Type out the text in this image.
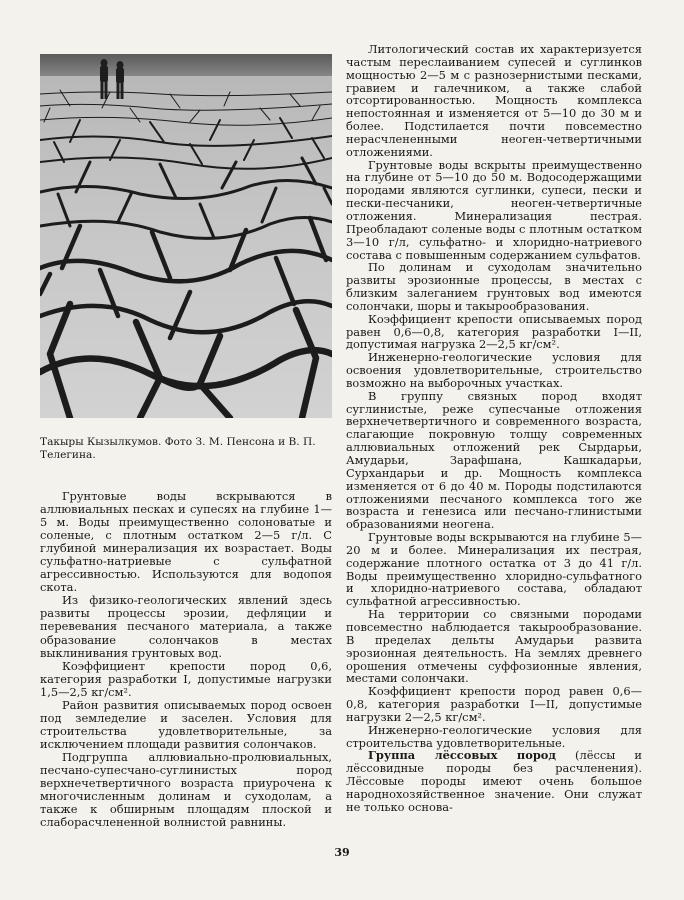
Такыры Кызылкумов. Фото З. М. Пенсона и В. П. Телегина.

Грунтовые воды вскрываются в аллювиальных песках и супесях на глубине 1—5 м. Воды преимущественно солоноватые и соленые, с плотным остатком 2—5 г/л. С глубиной минерализация их возрастает. Воды сульфатно-натриевые с сульфатной агрессивностью. Используются для водопоя скота.

Из физико-геологических явлений здесь развиты процессы эрозии, дефляции и перевевания песчаного материала, а также образование солончаков в местах выклинивания грунтовых вод.

Коэффициент крепости пород 0,6, категория разработки I, допустимые нагрузки 1,5—2,5 кг/см².

Район развития описываемых пород освоен под земледелие и заселен. Условия для строительства удовлетворительные, за исключением площади развития солончаков.

Подгруппа аллювиально-пролювиальных, песчано-супесчано-суглинистых пород верхнечетвертичного возраста приурочена к многочисленным долинам и суходолам, а также к обширным площадям плоской и слаборасчлененной волнистой равнины.

Литологический состав их характеризуется частым переслаиванием супесей и суглинков мощностью 2—5 м с разнозернистыми песками, гравием и галечником, а также слабой отсортированностью. Мощность комплекса непостоянная и изменяется от 5—10 до 30 м и более. Подстилается почти повсеместно нерасчлененными неоген-четвертичными отложениями.

Грунтовые воды вскрыты преимущественно на глубине от 5—10 до 50 м. Водосодержащими породами являются суглинки, супеси, пески и пески-песчаники, неоген-четвертичные отложения. Минерализация пестрая. Преобладают соленые воды с плотным остатком 3—10 г/л, сульфатно- и хлоридно-натриевого состава с повышенным содержанием сульфатов.

По долинам и суходолам значительно развиты эрозионные процессы, в местах с близким залеганием грунтовых вод имеются солончаки, шоры и такырообразования.

Коэффициент крепости описываемых пород равен 0,6—0,8, категория разработки I—II, допустимая нагрузка 2—2,5 кг/см².

Инженерно-геологические условия для освоения удовлетворительные, строительство возможно на выборочных участках.

В группу связных пород входят суглинистые, реже супесчаные отложения верхнечетвертичного и современного возраста, слагающие покровную толщу современных аллювиальных отложений рек Сырдарьи, Амударьи, Зарафшана, Кашкадарьи, Сурхандарьи и др. Мощность комплекса изменяется от 6 до 40 м. Породы подстилаются отложениями песчаного комплекса того же возраста и генезиса или песчано-глинистыми образованиями неогена.

Грунтовые воды вскрываются на глубине 5—20 м и более. Минерализация их пестрая, содержание плотного остатка от 3 до 41 г/л. Воды преимущественно хлоридно-сульфатного и хлоридно-натриевого состава, обладают сульфатной агрессивностью.

На территории со связными породами повсеместно наблюдается такырообразование. В пределах дельты Амударьи развита эрозионная деятельность. На землях древнего орошения отмечены суффозионные явления, местами солончаки.

Коэффициент крепости пород равен 0,6—0,8, категория разработки I—II, допустимые нагрузки 2—2,5 кг/см².

Инженерно-геологические условия для строительства удовлетворительные.

Группа лёссовых пород (лёссы и лёссовидные породы без расчленения). Лёссовые породы имеют очень большое народнохозяйственное значение. Они служат не только основа-

39
